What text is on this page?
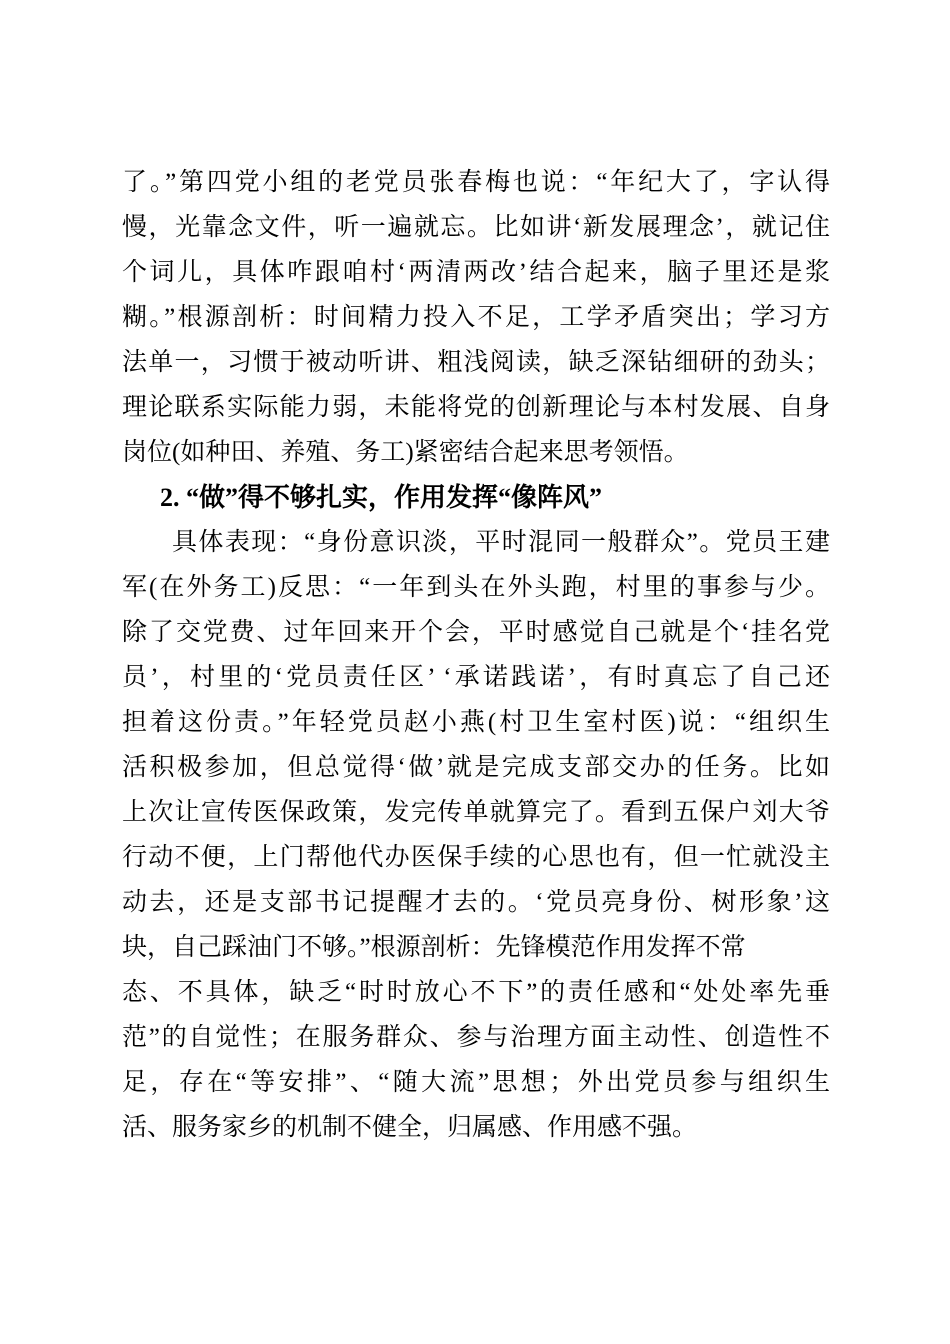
了。”第四党小组的老党员张春梅也说：“年纪大了，字认得
慢，光靠念文件，听一遍就忘。比如讲‘新发展理念’，就记住
个词儿，具体咋跟咱村‘两清两改’结合起来，脑子里还是浆
糊。”根源剖析：时间精力投入不足，工学矛盾突出；学习方
法单一，习惯于被动听讲、粗浅阅读，缺乏深钻细研的劲头；
理论联系实际能力弱，未能将党的创新理论与本村发展、自身
岗位(如种田、养殖、务工)紧密结合起来思考领悟。
2. “做”得不够扎实，作用发挥“像阵风”
具体表现：“身份意识淡，平时混同一般群众”。党员王建
军(在外务工)反思：“一年到头在外头跑，村里的事参与少。
除了交党费、过年回来开个会，平时感觉自己就是个‘挂名党
员’，村里的‘党员责任区’ ‘承诺践诺’，有时真忘了自己还
担着这份责。”年轻党员赵小燕(村卫生室村医)说：“组织生
活积极参加，但总觉得‘做’就是完成支部交办的任务。比如
上次让宣传医保政策，发完传单就算完了。看到五保户刘大爷
行动不便，上门帮他代办医保手续的心思也有，但一忙就没主
动去，还是支部书记提醒才去的。‘党员亮身份、树形象’这
块，自己踩油门不够。”根源剖析：先锋模范作用发挥不常
态、不具体，缺乏“时时放心不下”的责任感和“处处率先垂
范”的自觉性；在服务群众、参与治理方面主动性、创造性不
足，存在“等安排”、“随大流”思想；外出党员参与组织生
活、服务家乡的机制不健全，归属感、作用感不强。
